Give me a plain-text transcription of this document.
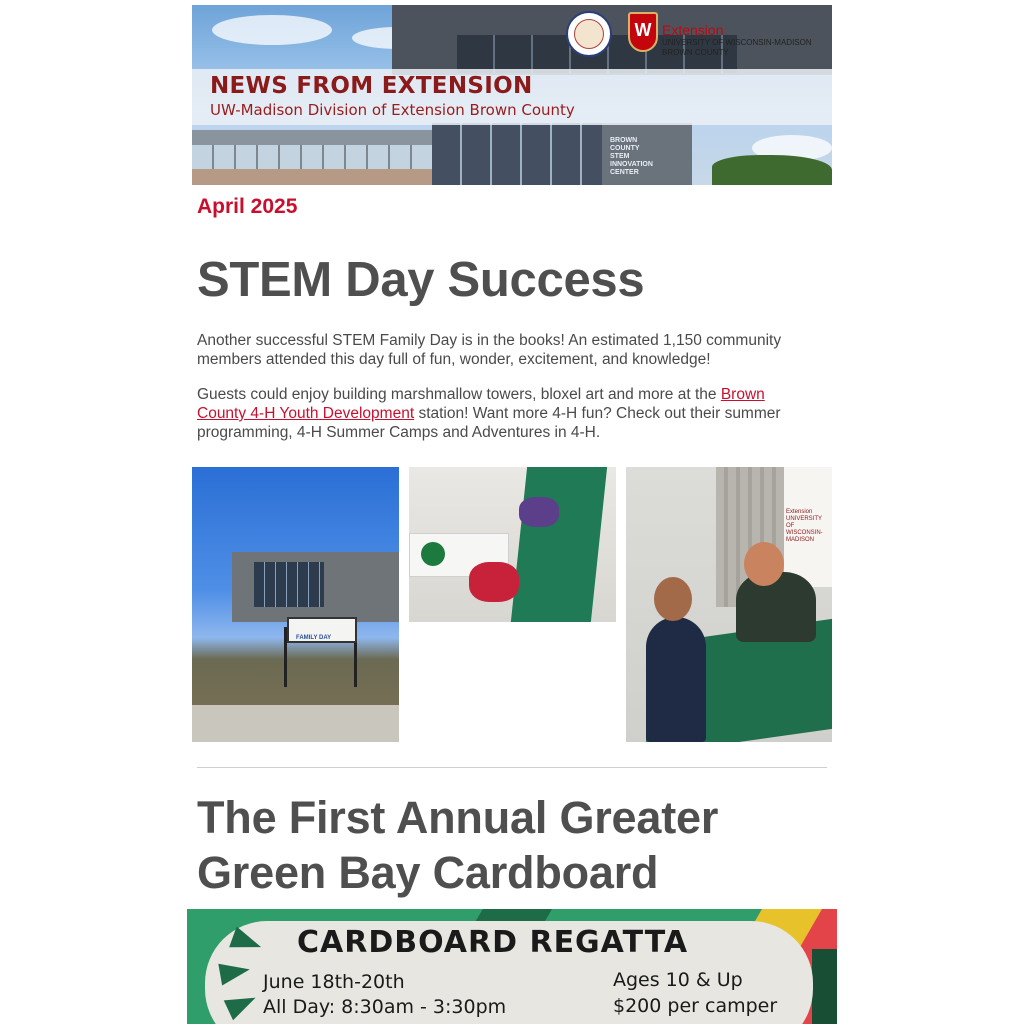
BROWN COUNTY STEM INNOVATION CENTER
W Extension
UNIVERSITY OF WISCONSIN-MADISON
BROWN COUNTY
NEWS FROM EXTENSION
UW-Madison Division of Extension Brown County
April 2025
STEM Day Success

Another successful STEM Family Day is in the books! An estimated 1,150 community members attended this day full of fun, wonder, excitement, and knowledge!

Guests could enjoy building marshmallow towers, bloxel art and more at the Brown County 4-H Youth Development station! Want more 4-H fun? Check out their summer programming, 4-H Summer Camps and Adventures in 4-H.

FAMILY DAY
Extension UNIVERSITY OF WISCONSIN-MADISON
The First Annual Greater Green Bay Cardboard
CARDBOARD REGATTA
June 18th-20th
All Day: 8:30am - 3:30pm
Ages 10 & Up
$200 per camper
